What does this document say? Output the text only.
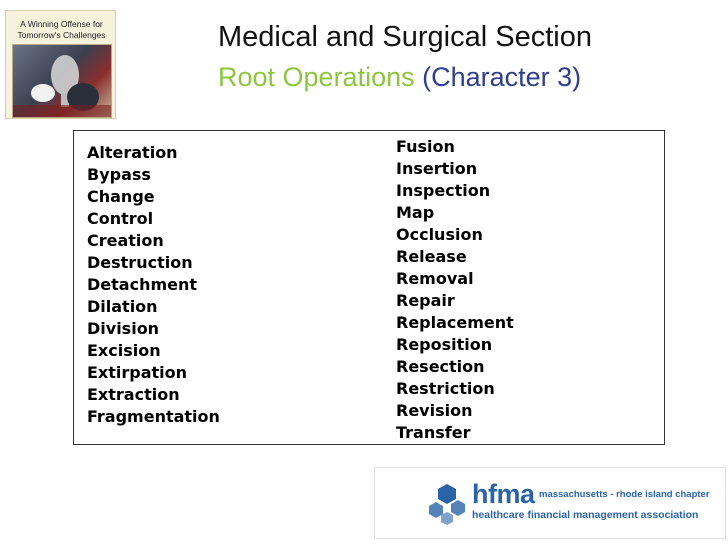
A Winning Offense for
Tomorrow's Challenges	Medical and Surgical Section
Root Operations (Character 3)
Alteration
Bypass
Change
Control
Creation
Destruction
Detachment
Dilation
Division
Excision
Extirpation
Extraction
Fragmentation
Fusion
Insertion
Inspection
Map
Occlusion
Release
Removal
Repair
Replacement
Reposition
Resection
Restriction
Revision
Transfer
hfma massachusetts - rhode island chapter
healthcare financial management association
